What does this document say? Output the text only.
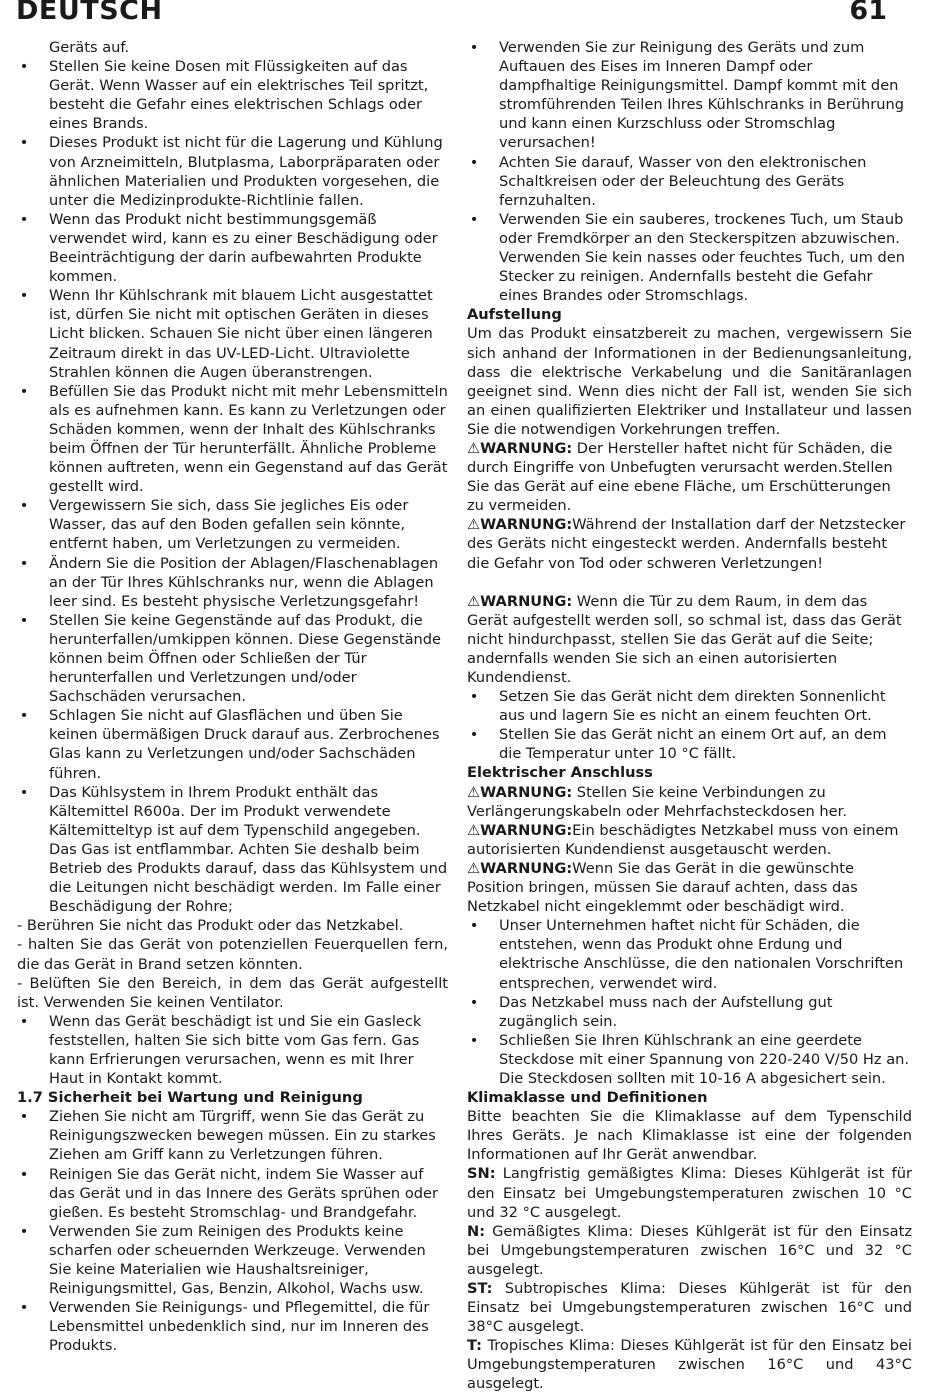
DEUTSCH	61

Geräts auf.

• Stellen Sie keine Dosen mit Flüssigkeiten auf das Gerät. Wenn Wasser auf ein elektrisches Teil spritzt, besteht die Gefahr eines elektrischen Schlags oder eines Brands.
• Dieses Produkt ist nicht für die Lagerung und Kühlung von Arzneimitteln, Blutplasma, Laborpräparaten oder ähnlichen Materialien und Produkten vorgesehen, die unter die Medizinprodukte-Richtlinie fallen.
• Wenn das Produkt nicht bestimmungsgemäß verwendet wird, kann es zu einer Beschädigung oder Beeinträchtigung der darin aufbewahrten Produkte kommen.
• Wenn Ihr Kühlschrank mit blauem Licht ausgestattet ist, dürfen Sie nicht mit optischen Geräten in dieses Licht blicken. Schauen Sie nicht über einen längeren Zeitraum direkt in das UV-LED-Licht. Ultraviolette Strahlen können die Augen überanstrengen.
• Befüllen Sie das Produkt nicht mit mehr Lebensmitteln als es aufnehmen kann. Es kann zu Verletzungen oder Schäden kommen, wenn der Inhalt des Kühlschranks beim Öffnen der Tür herunterfällt. Ähnliche Probleme können auftreten, wenn ein Gegenstand auf das Gerät gestellt wird.
• Vergewissern Sie sich, dass Sie jegliches Eis oder Wasser, das auf den Boden gefallen sein könnte, entfernt haben, um Verletzungen zu vermeiden.
• Ändern Sie die Position der Ablagen/Flaschenablagen an der Tür Ihres Kühlschranks nur, wenn die Ablagen leer sind. Es besteht physische Verletzungsgefahr!
• Stellen Sie keine Gegenstände auf das Produkt, die herunterfallen/umkippen können. Diese Gegenstände können beim Öffnen oder Schließen der Tür herunterfallen und Verletzungen und/oder Sachschäden verursachen.
• Schlagen Sie nicht auf Glasflächen und üben Sie keinen übermäßigen Druck darauf aus. Zerbrochenes Glas kann zu Verletzungen und/oder Sachschäden führen.
• Das Kühlsystem in Ihrem Produkt enthält das Kältemittel R600a. Der im Produkt verwendete Kältemitteltyp ist auf dem Typenschild angegeben. Das Gas ist entflammbar. Achten Sie deshalb beim Betrieb des Produkts darauf, dass das Kühlsystem und die Leitungen nicht beschädigt werden. Im Falle einer Beschädigung der Rohre;

- Berühren Sie nicht das Produkt oder das Netzkabel.

- halten Sie das Gerät von potenziellen Feuerquellen fern, die das Gerät in Brand setzen könnten.

- Belüften Sie den Bereich, in dem das Gerät aufgestellt ist. Verwenden Sie keinen Ventilator.

• Wenn das Gerät beschädigt ist und Sie ein Gasleck feststellen, halten Sie sich bitte vom Gas fern. Gas kann Erfrierungen verursachen, wenn es mit Ihrer Haut in Kontakt kommt.

1.7 Sicherheit bei Wartung und Reinigung

• Ziehen Sie nicht am Türgriff, wenn Sie das Gerät zu Reinigungszwecken bewegen müssen. Ein zu starkes Ziehen am Griff kann zu Verletzungen führen.
• Reinigen Sie das Gerät nicht, indem Sie Wasser auf das Gerät und in das Innere des Geräts sprühen oder gießen. Es besteht Stromschlag- und Brandgefahr.
• Verwenden Sie zum Reinigen des Produkts keine scharfen oder scheuernden Werkzeuge. Verwenden Sie keine Materialien wie Haushaltsreiniger, Reinigungsmittel, Gas, Benzin, Alkohol, Wachs usw.
• Verwenden Sie Reinigungs- und Pflegemittel, die für Lebensmittel unbedenklich sind, nur im Inneren des Produkts.
• Verwenden Sie zur Reinigung des Geräts und zum Auftauen des Eises im Inneren Dampf oder dampfhaltige Reinigungsmittel. Dampf kommt mit den stromführenden Teilen Ihres Kühlschranks in Berührung und kann einen Kurzschluss oder Stromschlag verursachen!
• Achten Sie darauf, Wasser von den elektronischen Schaltkreisen oder der Beleuchtung des Geräts fernzuhalten.
• Verwenden Sie ein sauberes, trockenes Tuch, um Staub oder Fremdkörper an den Steckerspitzen abzuwischen. Verwenden Sie kein nasses oder feuchtes Tuch, um den Stecker zu reinigen. Andernfalls besteht die Gefahr eines Brandes oder Stromschlags.

Aufstellung

Um das Produkt einsatzbereit zu machen, vergewissern Sie sich anhand der Informationen in der Bedienungsanleitung, dass die elektrische Verkabelung und die Sanitäranlagen geeignet sind. Wenn dies nicht der Fall ist, wenden Sie sich an einen qualifizierten Elektriker und Installateur und lassen Sie die notwendigen Vorkehrungen treffen.

⚠WARNUNG: Der Hersteller haftet nicht für Schäden, die durch Eingriffe von Unbefugten verursacht werden.Stellen Sie das Gerät auf eine ebene Fläche, um Erschütterungen zu vermeiden.

⚠WARNUNG:Während der Installation darf der Netzstecker des Geräts nicht eingesteckt werden. Andernfalls besteht die Gefahr von Tod oder schweren Verletzungen!

⚠WARNUNG: Wenn die Tür zu dem Raum, in dem das Gerät aufgestellt werden soll, so schmal ist, dass das Gerät nicht hindurchpasst, stellen Sie das Gerät auf die Seite; andernfalls wenden Sie sich an einen autorisierten Kundendienst.

• Setzen Sie das Gerät nicht dem direkten Sonnenlicht aus und lagern Sie es nicht an einem feuchten Ort.
• Stellen Sie das Gerät nicht an einem Ort auf, an dem die Temperatur unter 10 °C fällt.

Elektrischer Anschluss

⚠WARNUNG: Stellen Sie keine Verbindungen zu Verlängerungskabeln oder Mehrfachsteckdosen her.

⚠WARNUNG:Ein beschädigtes Netzkabel muss von einem autorisierten Kundendienst ausgetauscht werden.

⚠WARNUNG:Wenn Sie das Gerät in die gewünschte Position bringen, müssen Sie darauf achten, dass das Netzkabel nicht eingeklemmt oder beschädigt wird.

• Unser Unternehmen haftet nicht für Schäden, die entstehen, wenn das Produkt ohne Erdung und elektrische Anschlüsse, die den nationalen Vorschriften entsprechen, verwendet wird.
• Das Netzkabel muss nach der Aufstellung gut zugänglich sein.
• Schließen Sie Ihren Kühlschrank an eine geerdete Steckdose mit einer Spannung von 220-240 V/50 Hz an. Die Steckdosen sollten mit 10-16 A abgesichert sein.

Klimaklasse und Definitionen

Bitte beachten Sie die Klimaklasse auf dem Typenschild Ihres Geräts. Je nach Klimaklasse ist eine der folgenden Informationen auf Ihr Gerät anwendbar.

SN: Langfristig gemäßigtes Klima: Dieses Kühlgerät ist für den Einsatz bei Umgebungstemperaturen zwischen 10 °C und 32 °C ausgelegt.

N: Gemäßigtes Klima: Dieses Kühlgerät ist für den Einsatz bei Umgebungstemperaturen zwischen 16°C und 32 °C ausgelegt.

ST: Subtropisches Klima: Dieses Kühlgerät ist für den Einsatz bei Umgebungstemperaturen zwischen 16°C und 38°C ausgelegt.

T: Tropisches Klima: Dieses Kühlgerät ist für den Einsatz bei Umgebungstemperaturen zwischen 16°C und 43°C ausgelegt.
